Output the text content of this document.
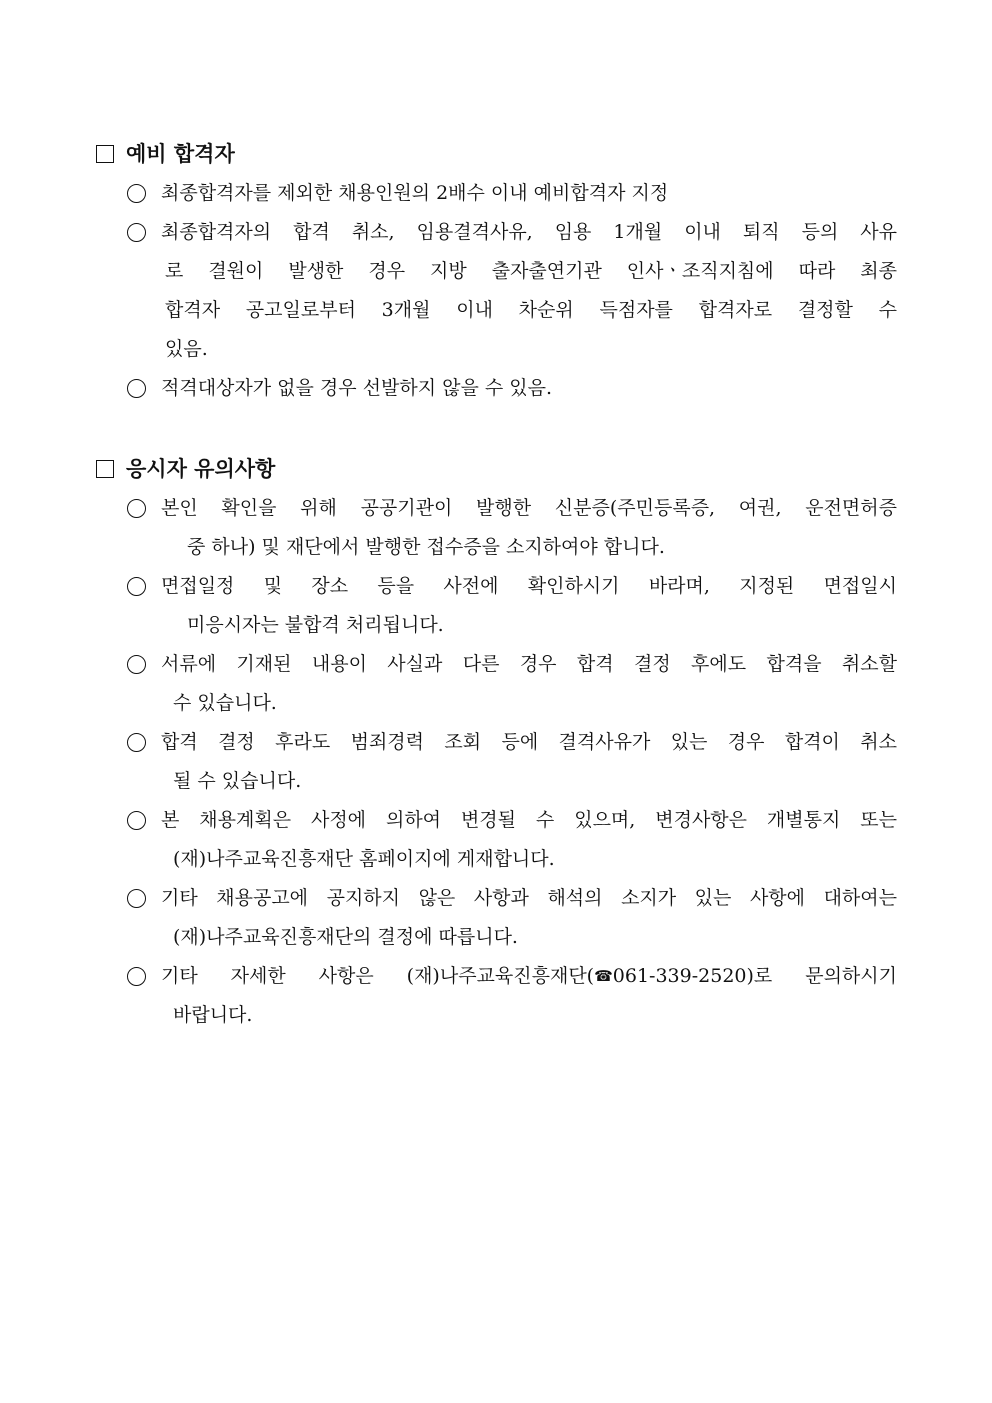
예비 합격자
최종합격자를 제외한 채용인원의 2배수 이내 예비합격자 지정
최종합격자의 합격 취소, 임용결격사유, 임용 1개월 이내 퇴직 등의 사유
로 결원이 발생한 경우 지방 출자출연기관 인사ㆍ조직지침에 따라 최종
합격자 공고일로부터 3개월 이내 차순위 득점자를 합격자로 결정할 수
있음.
적격대상자가 없을 경우 선발하지 않을 수 있음.
응시자 유의사항
본인 확인을 위해 공공기관이 발행한 신분증(주민등록증, 여권, 운전면허증
중 하나) 및 재단에서 발행한 접수증을 소지하여야 합니다.
면접일정 및 장소 등을 사전에 확인하시기 바라며, 지정된 면접일시
미응시자는 불합격 처리됩니다.
서류에 기재된 내용이 사실과 다른 경우 합격 결정 후에도 합격을 취소할
수 있습니다.
합격 결정 후라도 범죄경력 조회 등에 결격사유가 있는 경우 합격이 취소
될 수 있습니다.
본 채용계획은 사정에 의하여 변경될 수 있으며, 변경사항은 개별통지 또는
(재)나주교육진흥재단 홈페이지에 게재합니다.
기타 채용공고에 공지하지 않은 사항과 해석의 소지가 있는 사항에 대하여는
(재)나주교육진흥재단의 결정에 따릅니다.
기타 자세한 사항은 (재)나주교육진흥재단(☎061-339-2520)로 문의하시기
바랍니다.
